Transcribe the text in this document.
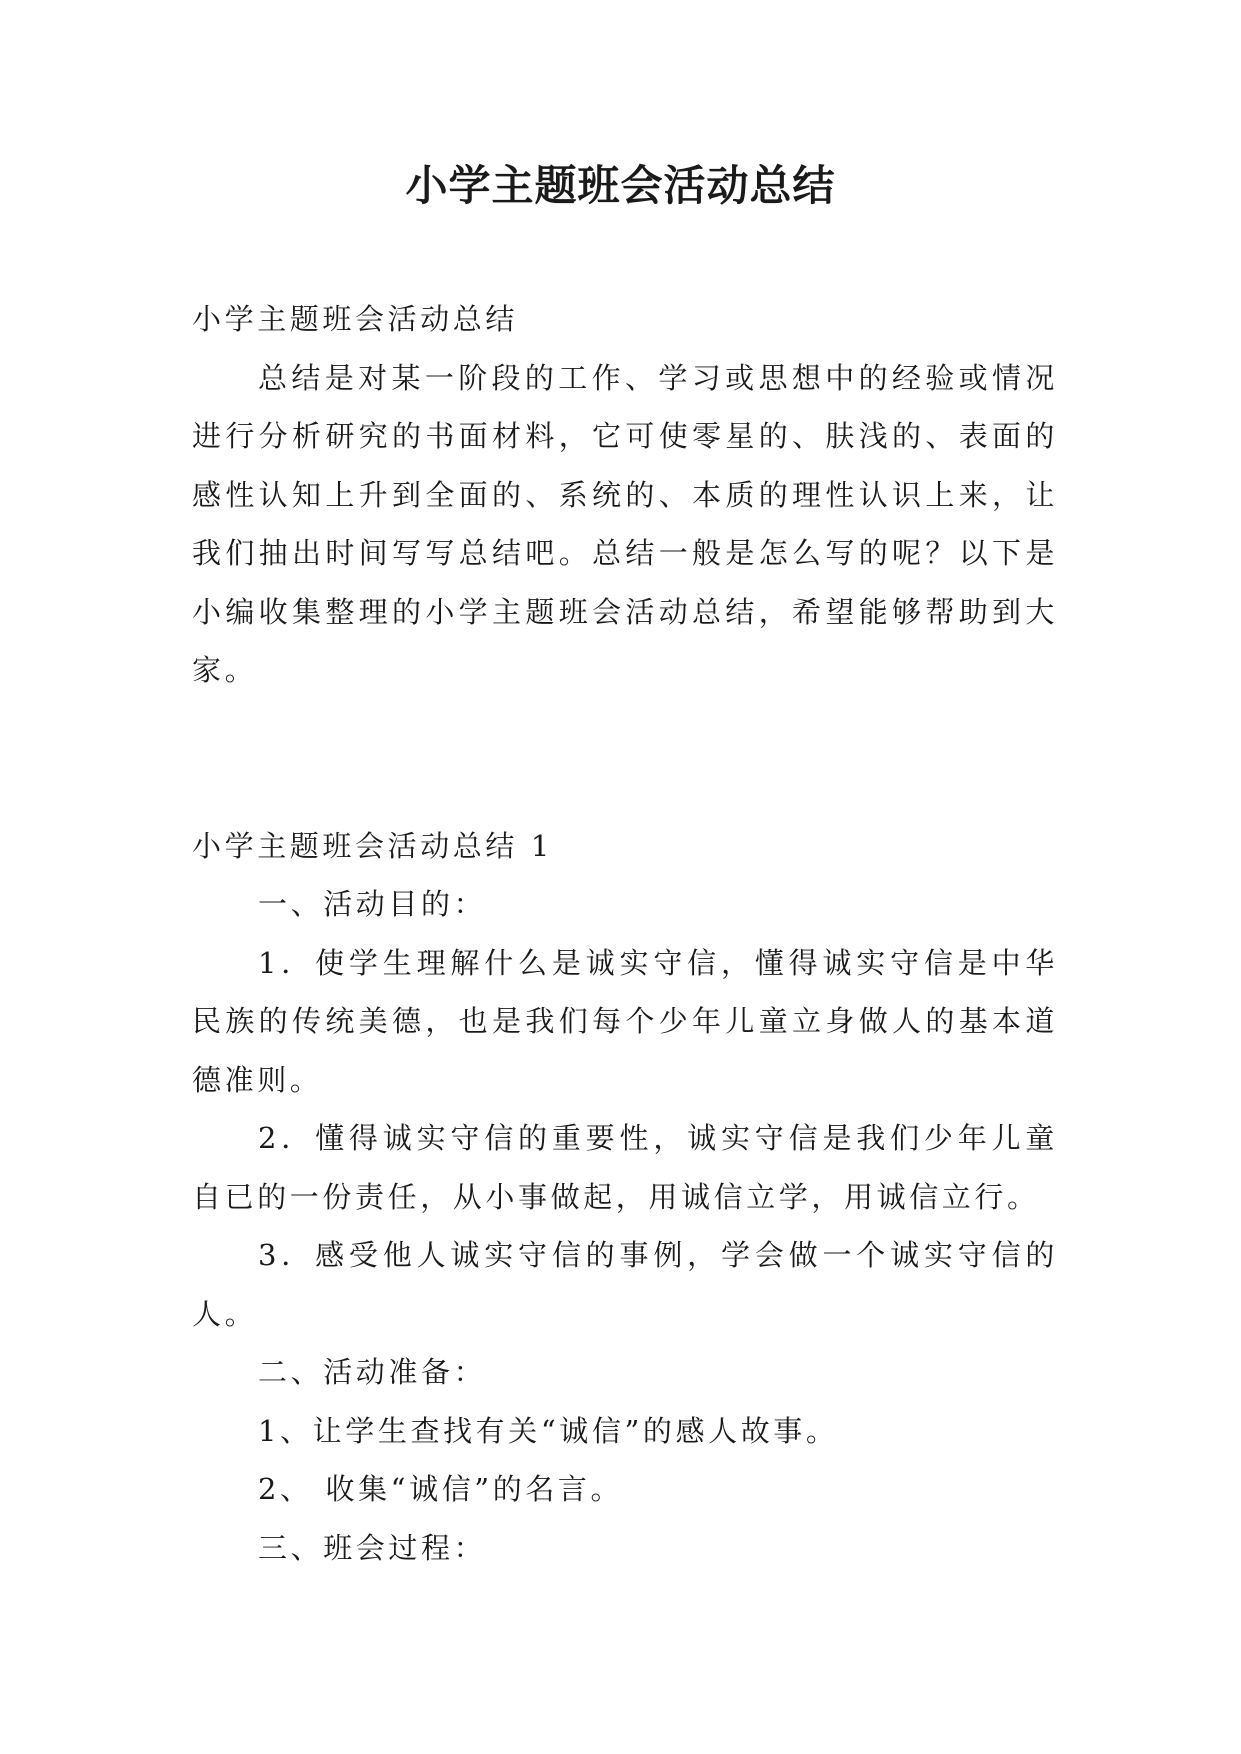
小学主题班会活动总结

小学主题班会活动总结

总结是对某一阶段的工作、学习或思想中的经验或情况进行分析研究的书面材料，它可使零星的、肤浅的、表面的感性认知上升到全面的、系统的、本质的理性认识上来，让我们抽出时间写写总结吧。总结一般是怎么写的呢？以下是小编收集整理的小学主题班会活动总结，希望能够帮助到大家。

小学主题班会活动总结 1

一、活动目的：

1．使学生理解什么是诚实守信，懂得诚实守信是中华民族的传统美德，也是我们每个少年儿童立身做人的基本道德准则。

2．懂得诚实守信的重要性，诚实守信是我们少年儿童自已的一份责任，从小事做起，用诚信立学，用诚信立行。

3．感受他人诚实守信的事例，学会做一个诚实守信的人。

二、活动准备：

1、让学生查找有关“诚信”的感人故事。

2、 收集“诚信”的名言。

三、班会过程：
